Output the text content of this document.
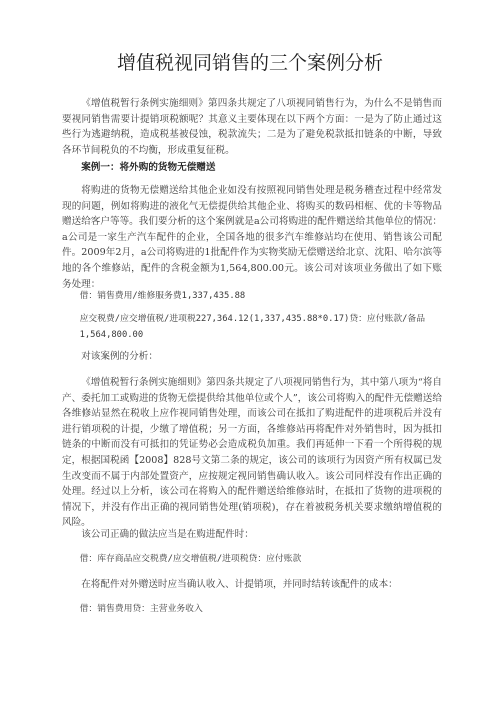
增值税视同销售的三个案例分析

《增值税暂行条例实施细则》第四条共规定了八项视同销售行为，为什么不是销售而要视同销售需要计提销项税额呢？其意义主要体现在以下两个方面：一是为了防止通过这些行为逃避纳税，造成税基被侵蚀，税款流失；二是为了避免税款抵扣链条的中断，导致各环节间税负的不均衡，形成重复征税。

案例一：将外购的货物无偿赠送

将购进的货物无偿赠送给其他企业如没有按照视同销售处理是税务稽查过程中经常发现的问题，例如将购进的液化气无偿提供给其他企业、将购买的数码相框、优的卡等物品赠送给客户等等。我们要分析的这个案例就是a公司将购进的配件赠送给其他单位的情况：a公司是一家生产汽车配件的企业，全国各地的很多汽车维修站均在使用、销售该公司配件。2009年2月，a公司将购进的1批配件作为实物奖励无偿赠送给北京、沈阳、哈尔滨等地的各个维修站，配件的含税金额为1,564,800.00元。该公司对该项业务做出了如下账务处理：

借：销售费用/维修服务费1,337,435.88

应交税费/应交增值税/进项税227,364.12(1,337,435.88*0.17)贷：应付账款/备品1,564,800.00

对该案例的分析：

《增值税暂行条例实施细则》第四条共规定了八项视同销售行为，其中第八项为“将自产、委托加工或购进的货物无偿提供给其他单位或个人”，该公司将购入的配件无偿赠送给各维修站显然在税收上应作视同销售处理，而该公司在抵扣了购进配件的进项税后并没有进行销项税的计提，少缴了增值税；另一方面，各维修站再将配件对外销售时，因为抵扣链条的中断而没有可抵扣的凭证势必会造成税负加重。我们再延伸一下看一个所得税的规定，根据国税函【2008】828号文第二条的规定，该公司的该项行为因资产所有权属已发生改变而不属于内部处置资产，应按规定视同销售确认收入。该公司同样没有作出正确的处理。经过以上分析，该公司在将购入的配件赠送给维修站时，在抵扣了货物的进项税的情况下，并没有作出正确的视同销售处理(销项税)，存在着被税务机关要求缴纳增值税的风险。

该公司正确的做法应当是在购进配件时：

借：库存商品应交税费/应交增值税/进项税贷：应付账款

在将配件对外赠送时应当确认收入、计提销项，并同时结转该配件的成本：

借：销售费用贷：主营业务收入
